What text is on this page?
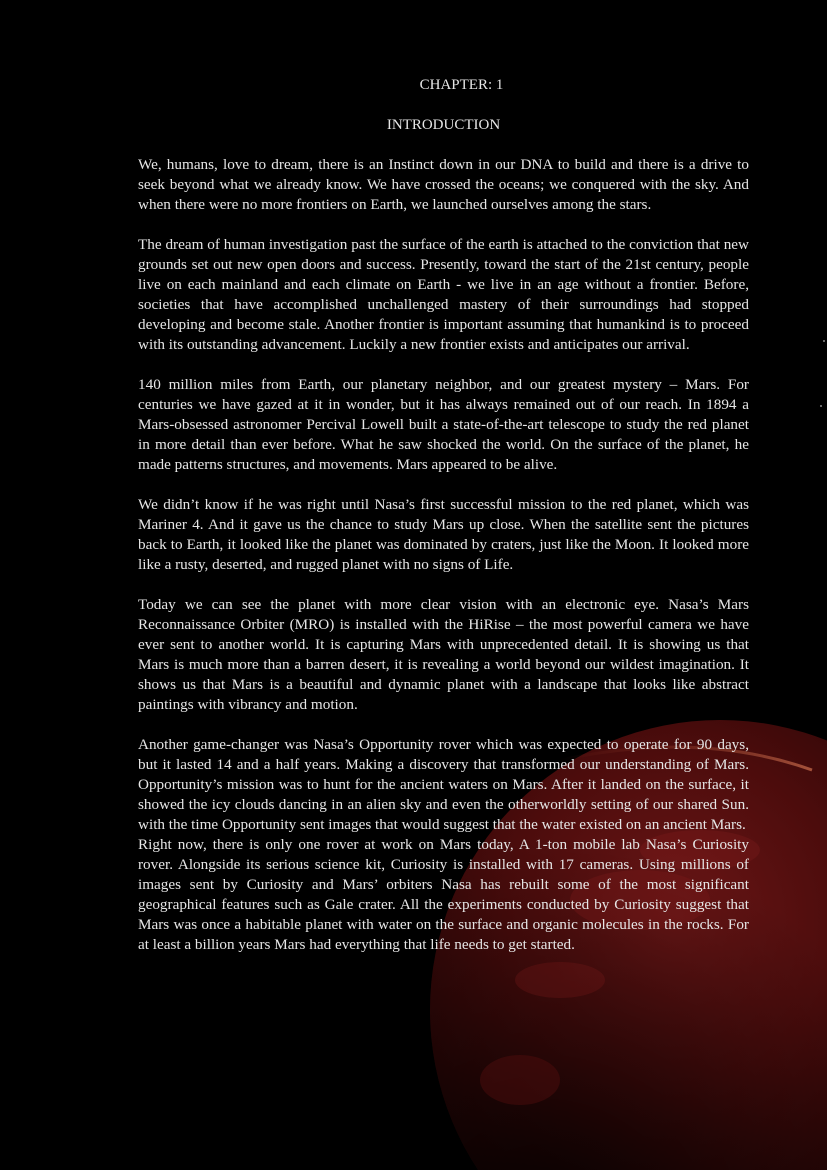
CHAPTER: 1
INTRODUCTION

We, humans, love to dream, there is an Instinct down in our DNA to build and there is a drive to seek beyond what we already know. We have crossed the oceans; we conquered with the sky. And when there were no more frontiers on Earth, we launched ourselves among the stars.

The dream of human investigation past the surface of the earth is attached to the conviction that new grounds set out new open doors and success. Presently, toward the start of the 21st century, people live on each mainland and each climate on Earth - we live in an age without a frontier. Before, societies that have accomplished unchallenged mastery of their surroundings had stopped developing and become stale. Another frontier is important assuming that humankind is to proceed with its outstanding advancement. Luckily a new frontier exists and anticipates our arrival.

140 million miles from Earth, our planetary neighbor, and our greatest mystery – Mars. For centuries we have gazed at it in wonder, but it has always remained out of our reach. In 1894 a Mars-obsessed astronomer Percival Lowell built a state-of-the-art telescope to study the red planet in more detail than ever before. What he saw shocked the world. On the surface of the planet, he made patterns structures, and movements. Mars appeared to be alive.

We didn’t know if he was right until Nasa’s first successful mission to the red planet, which was Mariner 4. And it gave us the chance to study Mars up close. When the satellite sent the pictures back to Earth, it looked like the planet was dominated by craters, just like the Moon. It looked more like a rusty, deserted, and rugged planet with no signs of Life.

Today we can see the planet with more clear vision with an electronic eye. Nasa’s Mars Reconnaissance Orbiter (MRO) is installed with the HiRise – the most powerful camera we have ever sent to another world. It is capturing Mars with unprecedented detail. It is showing us that Mars is much more than a barren desert, it is revealing a world beyond our wildest imagination. It shows us that Mars is a beautiful and dynamic planet with a landscape that looks like abstract paintings with vibrancy and motion.

Another game-changer was Nasa’s Opportunity rover which was expected to operate for 90 days, but it lasted 14 and a half years. Making a discovery that transformed our understanding of Mars. Opportunity’s mission was to hunt for the ancient waters on Mars. After it landed on the surface, it showed the icy clouds dancing in an alien sky and even the otherworldly setting of our shared Sun. with the time Opportunity sent images that would suggest that the water existed on an ancient Mars.

Right now, there is only one rover at work on Mars today, A 1-ton mobile lab Nasa’s Curiosity rover. Alongside its serious science kit, Curiosity is installed with 17 cameras. Using millions of images sent by Curiosity and Mars’ orbiters Nasa has rebuilt some of the most significant geographical features such as Gale crater. All the experiments conducted by Curiosity suggest that Mars was once a habitable planet with water on the surface and organic molecules in the rocks. For at least a billion years Mars had everything that life needs to get started.
